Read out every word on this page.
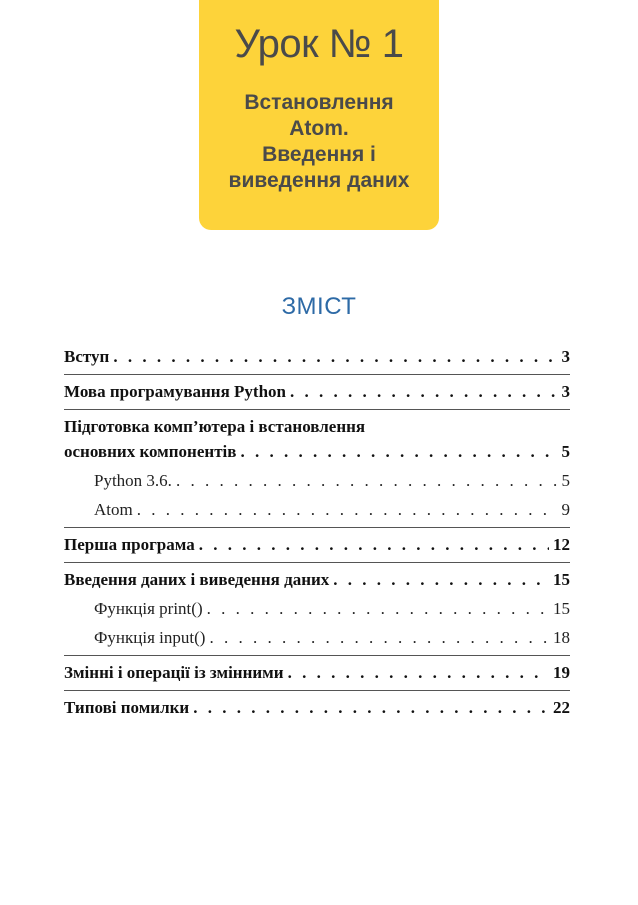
Урок № 1
Встановлення
Atom.
Введення і
виведення даних
ЗМІСТ
Вступ . . .	3
Мова програмування Python . . .	3
Підготовка комп’ютера і встановлення
основних компонентів . . .	5
Python 3.6. . . .	5
Atom . . .	9
Перша програма . . .	12
Введення даних і виведення даних . . .	15
Функція print() . . .	15
Функція input() . . .	18
Змінні і операції із змінними . . .	19
Типові помилки . . .	22
